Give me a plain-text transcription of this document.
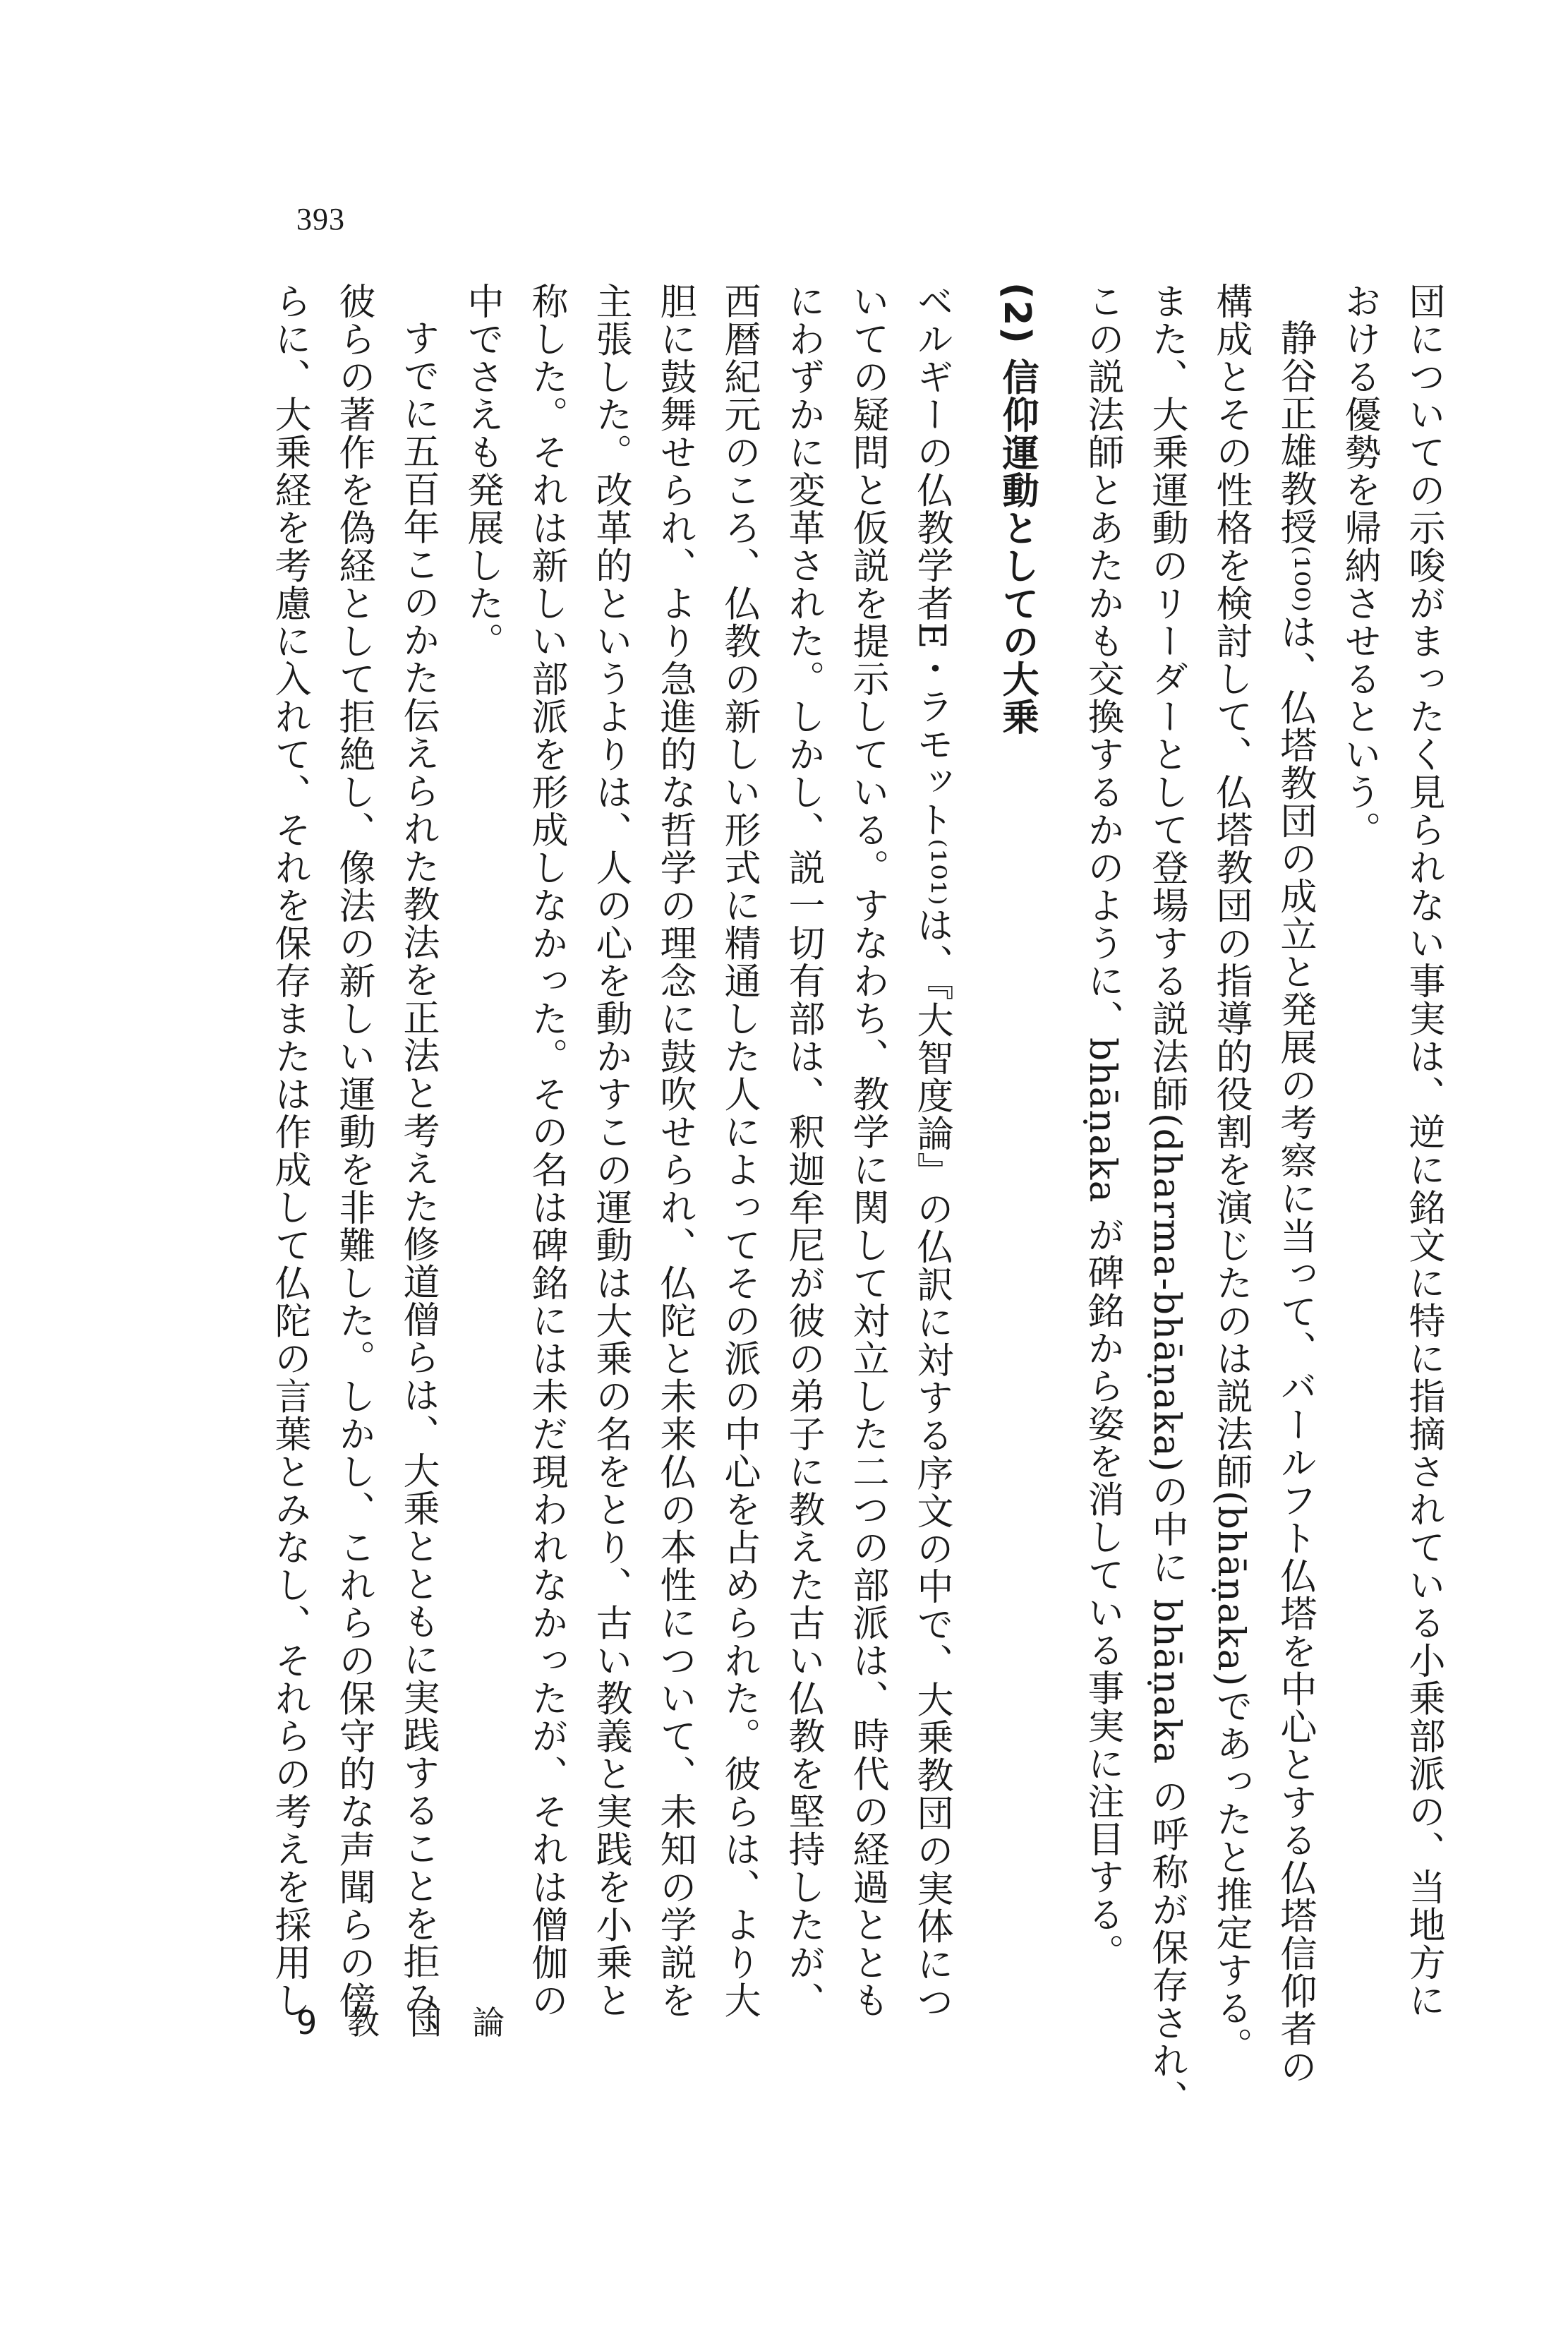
393
団についての示唆がまったく見られない事実は、逆に銘文に特に指摘されている小乗部派の、当地方に
おける優勢を帰納させるという。
静谷正雄教授⁽¹⁰⁰⁾は、仏塔教団の成立と発展の考察に当って、バールフト仏塔を中心とする仏塔信仰者の
構成とその性格を検討して、仏塔教団の指導的役割を演じたのは説法師(bhāṇaka)であったと推定する。
また、大乗運動のリーダーとして登場する説法師(dharma-bhāṇaka)の中に bhāṇaka の呼称が保存され、
この説法師とあたかも交換するかのように、bhāṇaka が碑銘から姿を消している事実に注目する。
(2) 信仰運動としての大乗
ベルギーの仏教学者E・ラモット⁽¹⁰¹⁾は、『大智度論』の仏訳に対する序文の中で、大乗教団の実体につ
いての疑問と仮説を提示している。すなわち、教学に関して対立した二つの部派は、時代の経過ととも
にわずかに変革された。しかし、説一切有部は、釈迦牟尼が彼の弟子に教えた古い仏教を堅持したが、
西暦紀元のころ、仏教の新しい形式に精通した人によってその派の中心を占められた。彼らは、より大
胆に鼓舞せられ、より急進的な哲学の理念に鼓吹せられ、仏陀と未来仏の本性について、未知の学説を
主張した。改革的というよりは、人の心を動かすこの運動は大乗の名をとり、古い教義と実践を小乗と
称した。それは新しい部派を形成しなかった。その名は碑銘には未だ現われなかったが、それは僧伽の
中でさえも発展した。
すでに五百年このかた伝えられた教法を正法と考えた修道僧らは、大乗とともに実践することを拒み、
彼らの著作を偽経として拒絶し、像法の新しい運動を非難した。しかし、これらの保守的な声聞らの傍
らに、大乗経を考慮に入れて、それを保存または作成して仏陀の言葉とみなし、それらの考えを採用し
9 教 団 論
